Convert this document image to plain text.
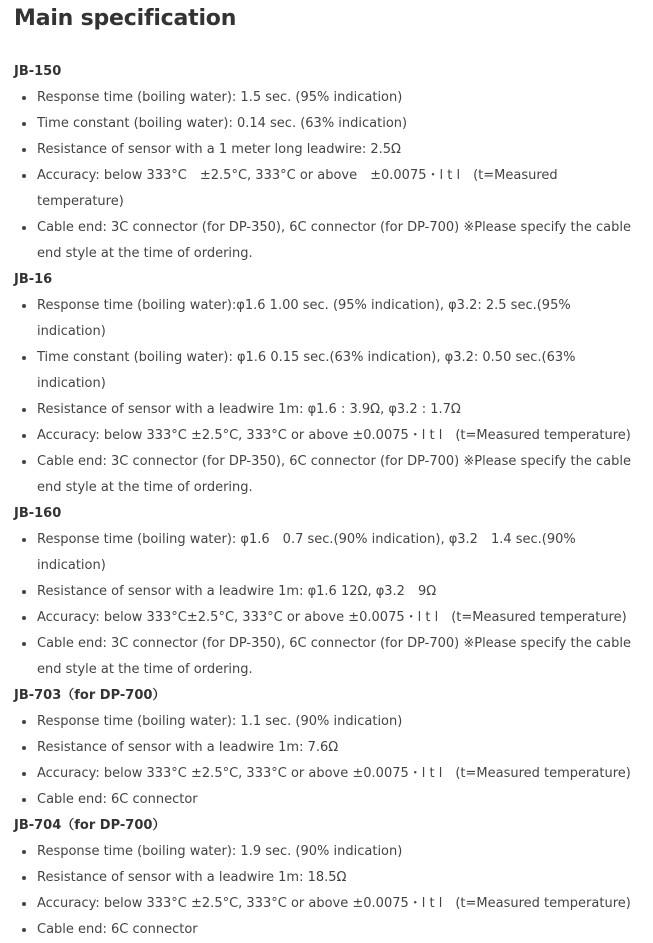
Main specification
JB-150
Response time (boiling water): 1.5 sec. (95% indication)
Time constant (boiling water): 0.14 sec. (63% indication)
Resistance of sensor with a 1 meter long leadwire: 2.5Ω
Accuracy: below 333°C　±2.5°C, 333°C or above　±0.0075・l t l　(t=Measured temperature)
Cable end: 3C connector (for DP-350), 6C connector (for DP-700) ※Please specify the cable end style at the time of ordering.
JB-16
Response time (boiling water):φ1.6 1.00 sec. (95% indication), φ3.2: 2.5 sec.(95% indication)
Time constant (boiling water): φ1.6 0.15 sec.(63% indication), φ3.2: 0.50 sec.(63% indication)
Resistance of sensor with a leadwire 1m: φ1.6 : 3.9Ω, φ3.2 : 1.7Ω
Accuracy: below 333°C ±2.5°C, 333°C or above ±0.0075・l t l　(t=Measured temperature)
Cable end: 3C connector (for DP-350), 6C connector (for DP-700) ※Please specify the cable end style at the time of ordering.
JB-160
Response time (boiling water): φ1.6　0.7 sec.(90% indication), φ3.2　1.4 sec.(90% indication)
Resistance of sensor with a leadwire 1m: φ1.6 12Ω, φ3.2　9Ω
Accuracy: below 333°C±2.5°C, 333°C or above ±0.0075・l t l　(t=Measured temperature)
Cable end: 3C connector (for DP-350), 6C connector (for DP-700) ※Please specify the cable end style at the time of ordering.
JB-703（for DP-700）
Response time (boiling water): 1.1 sec. (90% indication)
Resistance of sensor with a leadwire 1m: 7.6Ω
Accuracy: below 333°C ±2.5°C, 333°C or above ±0.0075・l t l　(t=Measured temperature)
Cable end: 6C connector
JB-704（for DP-700）
Response time (boiling water): 1.9 sec. (90% indication)
Resistance of sensor with a leadwire 1m: 18.5Ω
Accuracy: below 333°C ±2.5°C, 333°C or above ±0.0075・l t l　(t=Measured temperature)
Cable end: 6C connector
